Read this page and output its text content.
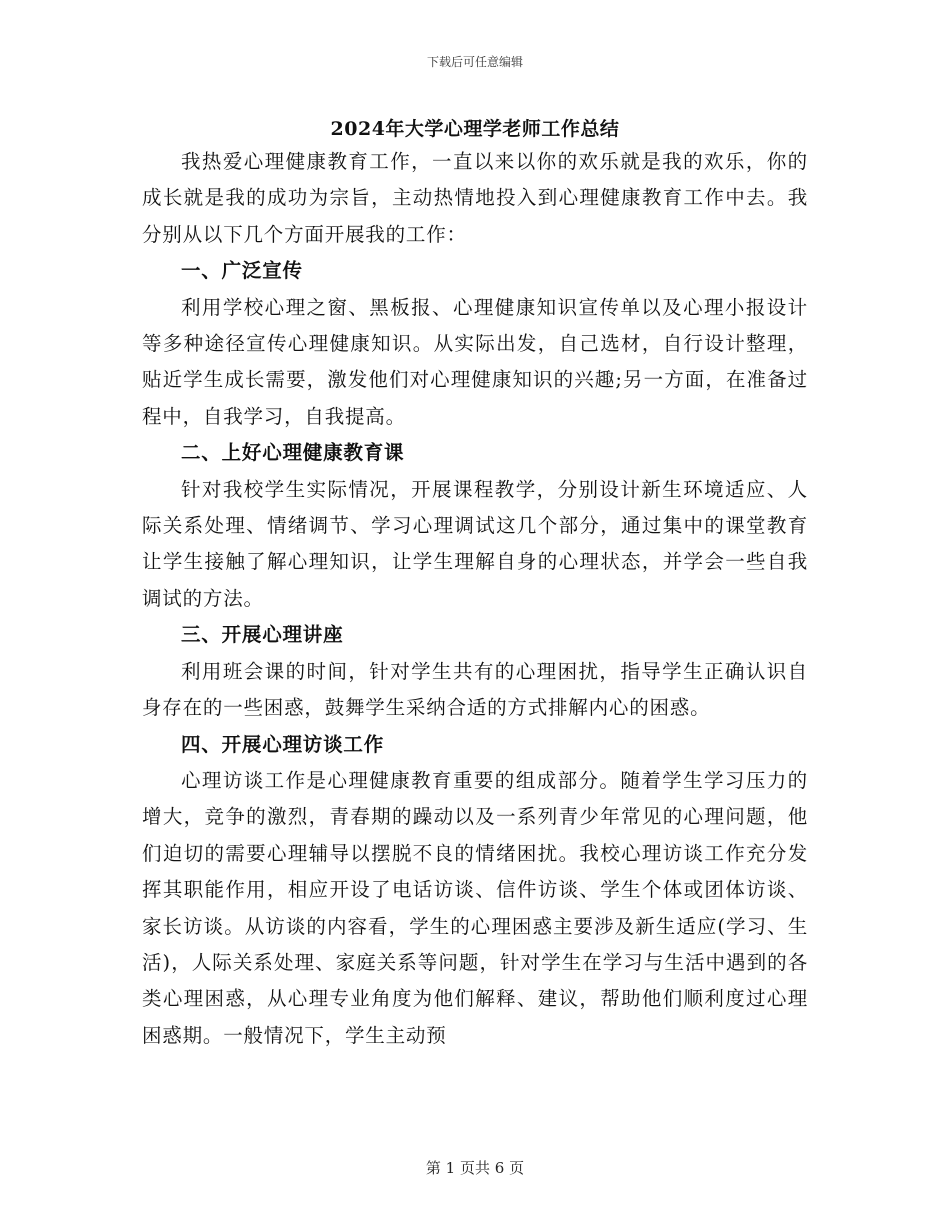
下载后可任意编辑
2024年大学心理学老师工作总结

我热爱心理健康教育工作，一直以来以你的欢乐就是我的欢乐，你的成长就是我的成功为宗旨，主动热情地投入到心理健康教育工作中去。我分别从以下几个方面开展我的工作：

一、广泛宣传

利用学校心理之窗、黑板报、心理健康知识宣传单以及心理小报设计等多种途径宣传心理健康知识。从实际出发，自己选材，自行设计整理，贴近学生成长需要，激发他们对心理健康知识的兴趣;另一方面，在准备过程中，自我学习，自我提高。

二、上好心理健康教育课

针对我校学生实际情况，开展课程教学，分别设计新生环境适应、人际关系处理、情绪调节、学习心理调试这几个部分，通过集中的课堂教育让学生接触了解心理知识，让学生理解自身的心理状态，并学会一些自我调试的方法。

三、开展心理讲座

利用班会课的时间，针对学生共有的心理困扰，指导学生正确认识自身存在的一些困惑，鼓舞学生采纳合适的方式排解内心的困惑。

四、开展心理访谈工作

心理访谈工作是心理健康教育重要的组成部分。随着学生学习压力的增大，竞争的激烈，青春期的躁动以及一系列青少年常见的心理问题，他们迫切的需要心理辅导以摆脱不良的情绪困扰。我校心理访谈工作充分发挥其职能作用，相应开设了电话访谈、信件访谈、学生个体或团体访谈、家长访谈。从访谈的内容看，学生的心理困惑主要涉及新生适应(学习、生活)，人际关系处理、家庭关系等问题，针对学生在学习与生活中遇到的各类心理困惑，从心理专业角度为他们解释、建议，帮助他们顺利度过心理困惑期。一般情况下，学生主动预

第 1 页共 6 页
